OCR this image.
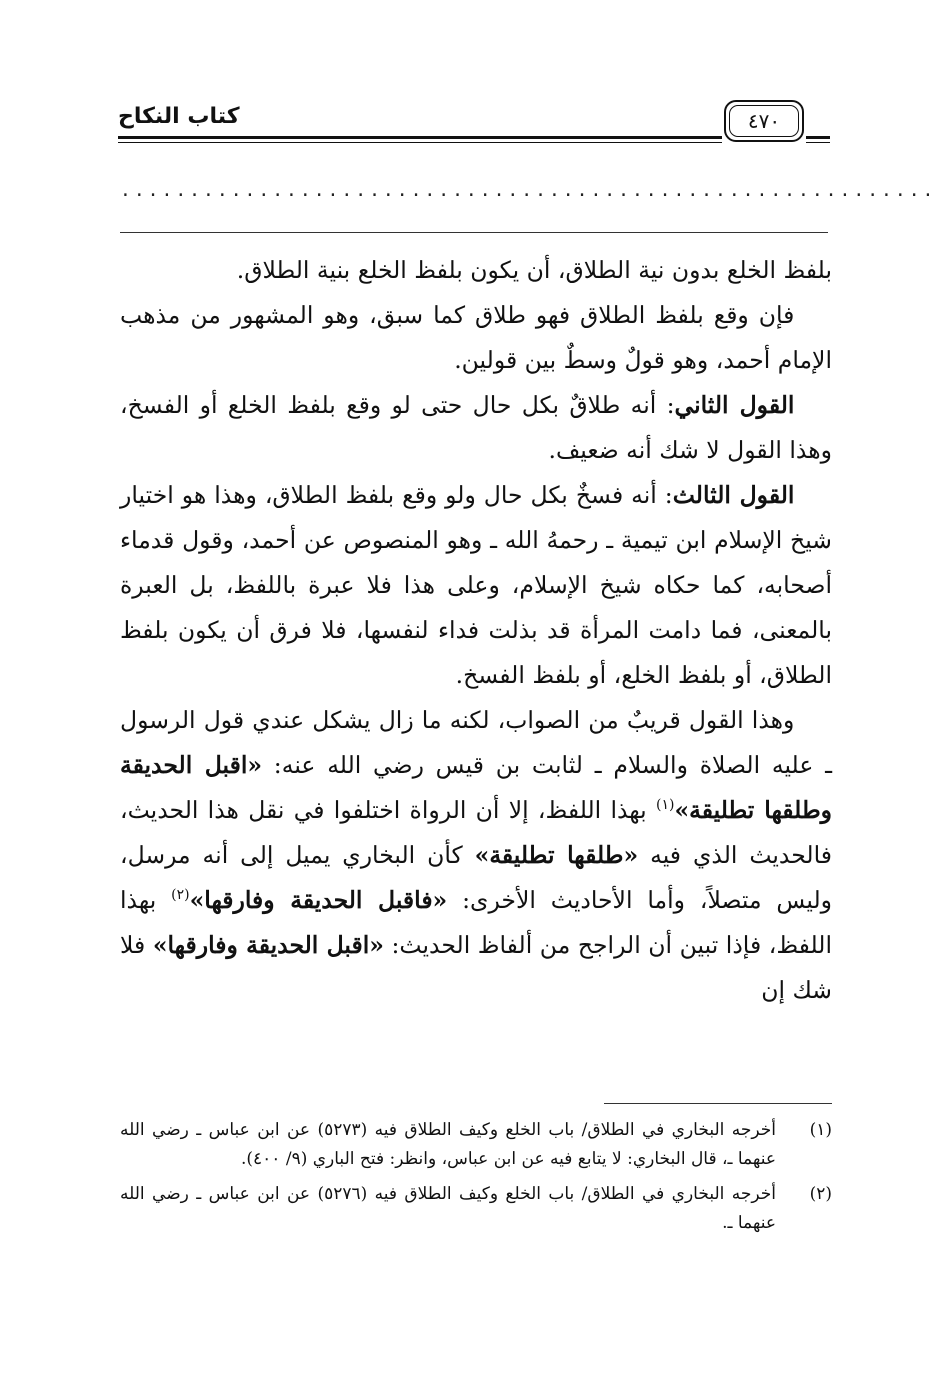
كتاب النكاح	٤٧٠
...........................................................

بلفظ الخلع بدون نية الطلاق، أن يكون بلفظ الخلع بنية الطلاق.

فإن وقع بلفظ الطلاق فهو طلاق كما سبق، وهو المشهور من مذهب الإمام أحمد، وهو قولٌ وسطٌ بين قولين.

القول الثاني: أنه طلاقٌ بكل حال حتى لو وقع بلفظ الخلع أو الفسخ، وهذا القول لا شك أنه ضعيف.

القول الثالث: أنه فسخٌ بكل حال ولو وقع بلفظ الطلاق، وهذا هو اختيار شيخ الإسلام ابن تيمية ـ رحمهُ الله ـ وهو المنصوص عن أحمد، وقول قدماء أصحابه، كما حكاه شيخ الإسلام، وعلى هذا فلا عبرة باللفظ، بل العبرة بالمعنى، فما دامت المرأة قد بذلت فداء لنفسها، فلا فرق أن يكون بلفظ الطلاق، أو بلفظ الخلع، أو بلفظ الفسخ.

وهذا القول قريبٌ من الصواب، لكنه ما زال يشكل عندي قول الرسول ـ عليه الصلاة والسلام ـ لثابت بن قيس رضي الله عنه: «اقبل الحديقة وطلقها تطليقة»$^{(١)}$ بهذا اللفظ، إلا أن الرواة اختلفوا في نقل هذا الحديث، فالحديث الذي فيه «طلقها تطليقة» كأن البخاري يميل إلى أنه مرسل، وليس متصلاً، وأما الأحاديث الأخرى: «فاقبل الحديقة وفارقها»$^{(٢)}$ بهذا اللفظ، فإذا تبين أن الراجح من ألفاظ الحديث: «اقبل الحديقة وفارقها» فلا شك إن

(١)
أخرجه البخاري في الطلاق/ باب الخلع وكيف الطلاق فيه (٥٢٧٣) عن ابن عباس ـ رضي الله عنهما ـ، قال البخاري: لا يتابع فيه عن ابن عباس، وانظر: فتح الباري (٩/ ٤٠٠).
(٢)
أخرجه البخاري في الطلاق/ باب الخلع وكيف الطلاق فيه (٥٢٧٦) عن ابن عباس ـ رضي الله عنهما ـ.
